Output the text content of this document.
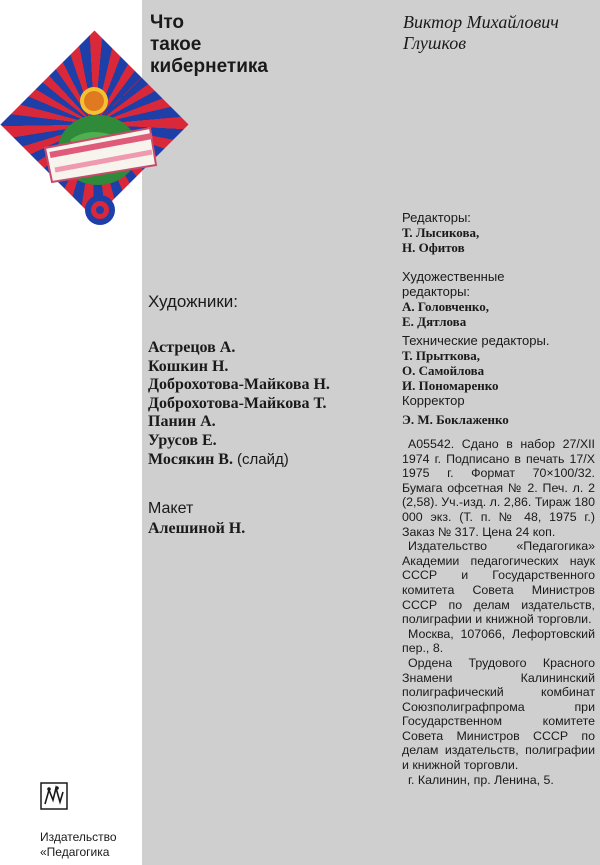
Что
такое
кибернетика
Виктор Михайлович
Глушков
Редакторы:
Т. Лысикова,
Н. Офитов
Художественные
редакторы:
А. Головченко,
Е. Дятлова
Технические редакторы.
Т. Прыткова,
О. Самойлова
И. Пономаренко
Корректор
Э. М. Боклаженко
Художники:
Астрецов А.
Кошкин Н.
Доброхотова-Майкова Н.
Доброхотова-Майкова Т.
Панин А.
Урусов Е.
Мосякин В. (слайд)
Макет
Алешиной Н.

А05542. Сдано в набор 27/XII 1974 г. Подписано в печать 17/X 1975 г. Формат 70×100/32. Бумага офсетная № 2. Печ. л. 2 (2,58). Уч.-изд. л. 2,86. Тираж 180 000 экз. (Т. п. № 48, 1975 г.) Заказ № 317. Цена 24 коп.

Издательство «Педагогика» Академии педагогических наук СССР и Государственного комитета Совета Министров СССР по делам издательств, полиграфии и книжной торговли.

Москва, 107066, Лефортовский пер., 8.

Ордена Трудового Красного Знамени Калининский полиграфический комбинат Союзполиграфпрома при Государственном комитете Совета Министров СССР по делам издательств, полиграфии и книжной торговли.

г. Калинин, пр. Ленина, 5.

Издательство
«Педагогика
